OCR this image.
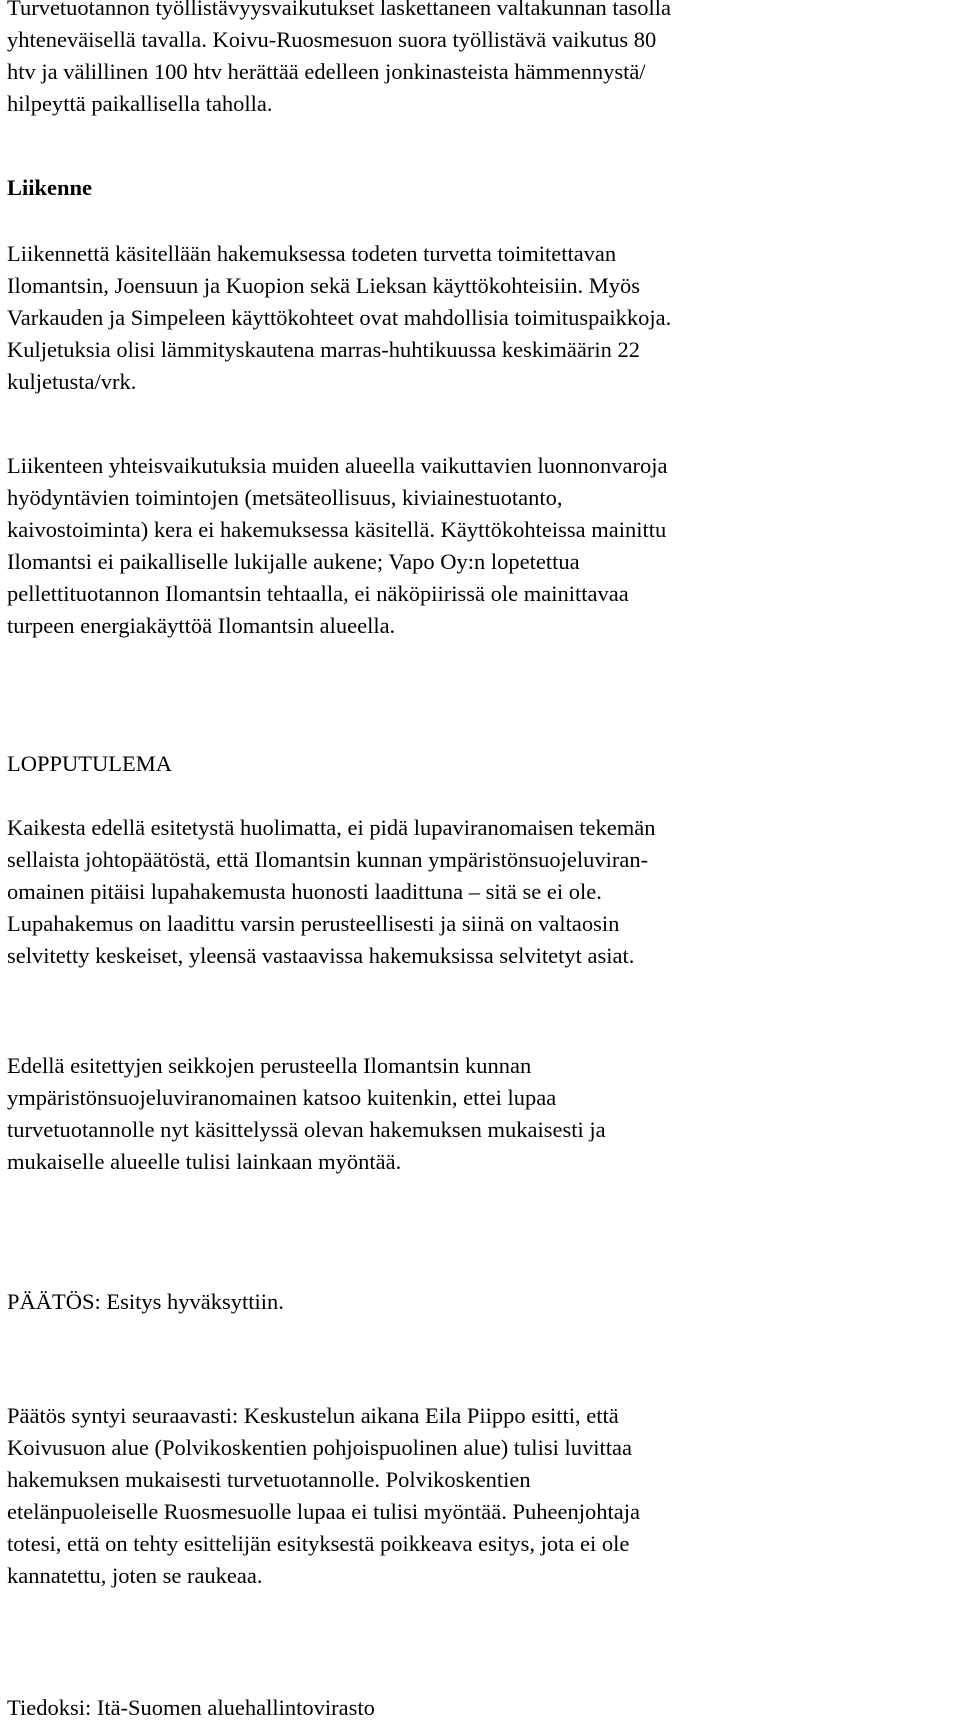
Turvetuotannon työllistävyysvaikutukset laskettaneen valtakunnan tasolla
yhteneväisellä tavalla. Koivu-Ruosmesuon suora työllistävä vaikutus 80
htv ja välillinen 100 htv herättää edelleen jonkinasteista hämmennystä/
hilpeyttä paikallisella taholla.

Liikenne

Liikennettä käsitellään hakemuksessa todeten turvetta toimitettavan
Ilomantsin, Joensuun ja Kuopion sekä Lieksan käyttökohteisiin. Myös
Varkauden ja Simpeleen käyttökohteet ovat mahdollisia toimituspaikkoja.
Kuljetuksia olisi lämmityskautena marras-huhtikuussa keskimäärin 22
kuljetusta/vrk.

Liikenteen yhteisvaikutuksia muiden alueella vaikuttavien luonnonvaroja
hyödyntävien toimintojen (metsäteollisuus, kiviainestuotanto,
kaivostoiminta) kera ei hakemuksessa käsitellä. Käyttökohteissa mainittu
Ilomantsi ei paikalliselle lukijalle aukene; Vapo Oy:n lopetettua
pellettituotannon Ilomantsin tehtaalla, ei näköpiirissä ole mainittavaa
turpeen energiakäyttöä Ilomantsin alueella.

LOPPUTULEMA

Kaikesta edellä esitetystä huolimatta, ei pidä lupaviranomaisen tekemän
sellaista johtopäätöstä, että Ilomantsin kunnan ympäristönsuojeluviran-
omainen pitäisi lupahakemusta huonosti laadittuna – sitä se ei ole.
Lupahakemus on laadittu varsin perusteellisesti ja siinä on valtaosin
selvitetty keskeiset, yleensä vastaavissa hakemuksissa selvitetyt asiat.

Edellä esitettyjen seikkojen perusteella Ilomantsin kunnan
ympäristönsuojeluviranomainen katsoo kuitenkin, ettei lupaa
turvetuotannolle nyt käsittelyssä olevan hakemuksen mukaisesti ja
mukaiselle alueelle tulisi lainkaan myöntää.

PÄÄTÖS: Esitys hyväksyttiin.

Päätös syntyi seuraavasti: Keskustelun aikana Eila Piippo esitti, että
Koivusuon alue (Polvikoskentien pohjoispuolinen alue) tulisi luvittaa
hakemuksen mukaisesti turvetuotannolle. Polvikoskentien
etelänpuoleiselle Ruosmesuolle lupaa ei tulisi myöntää. Puheenjohtaja
totesi, että on tehty esittelijän esityksestä poikkeava esitys, jota ei ole
kannatettu, joten se raukeaa.

Tiedoksi: Itä-Suomen aluehallintovirasto
